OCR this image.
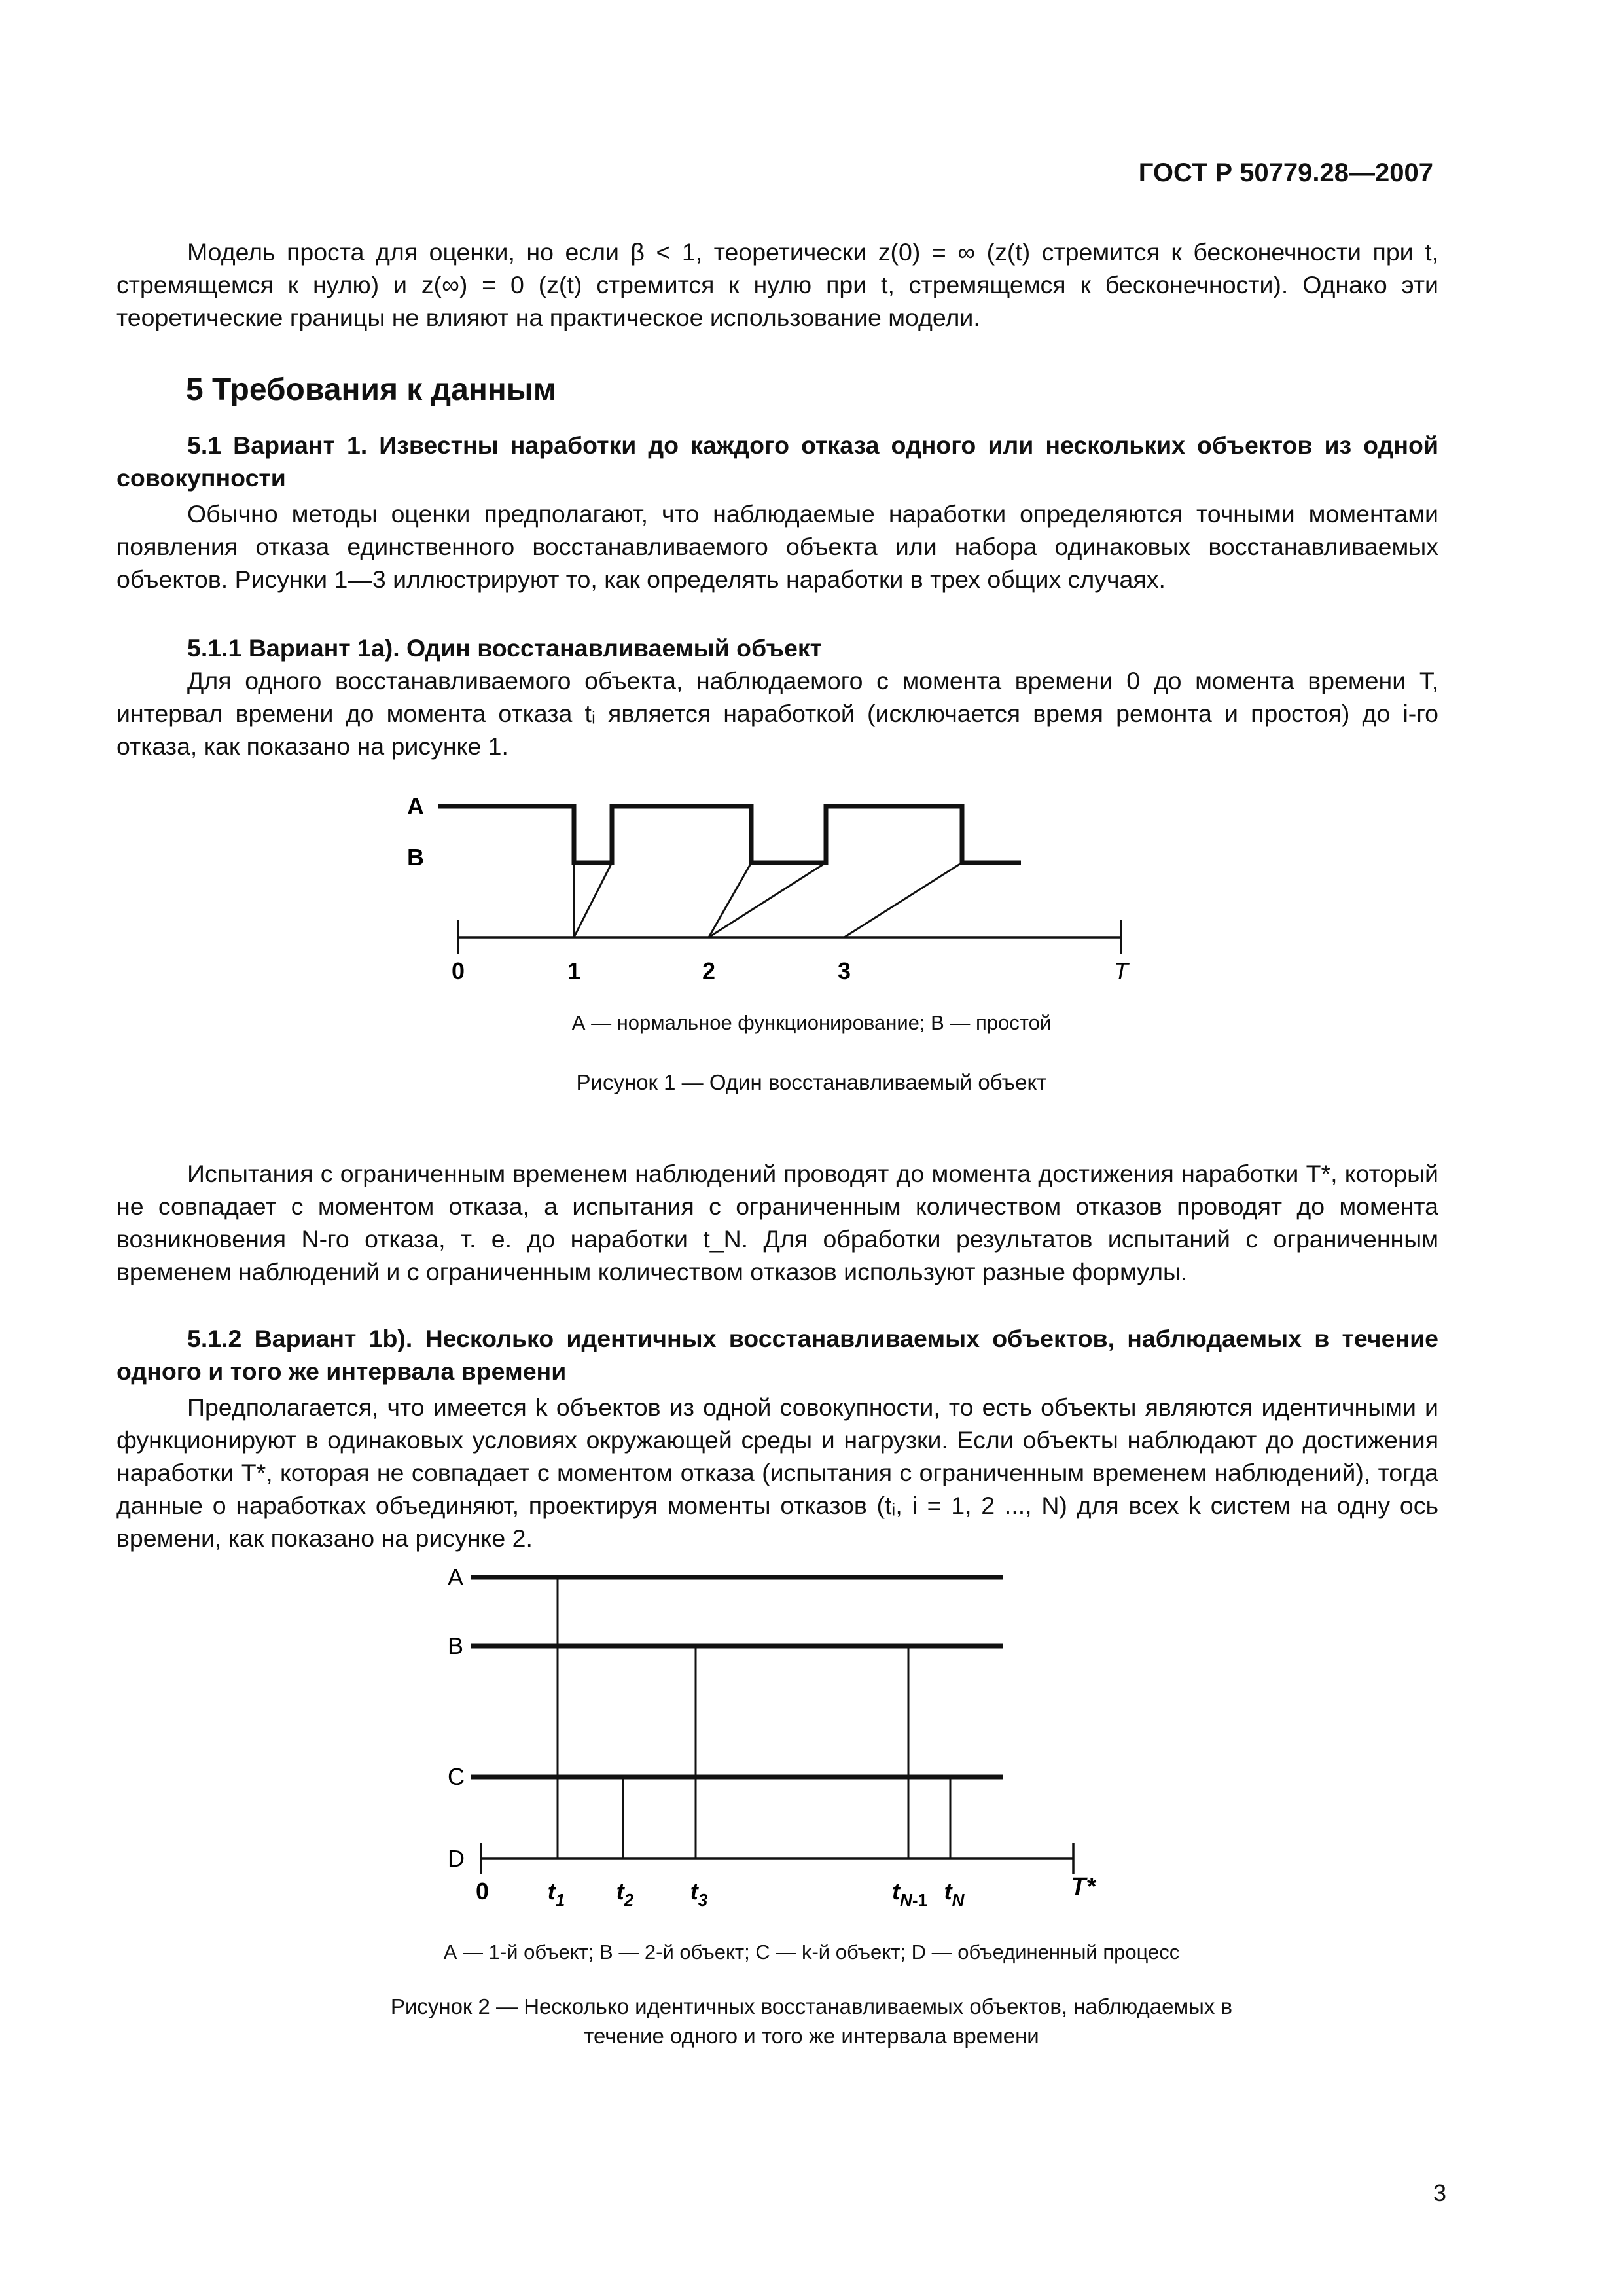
ГОСТ Р 50779.28—2007
Модель проста для оценки, но если β < 1, теоретически z(0) = ∞ (z(t) стремится к бесконечности при t, стремящемся к нулю) и z(∞) = 0 (z(t) стремится к нулю при t, стремящемся к бесконечности). Однако эти теоретические границы не влияют на практическое использование модели.
5 Требования к данным
5.1 Вариант 1. Известны наработки до каждого отказа одного или нескольких объектов из одной совокупности
Обычно методы оценки предполагают, что наблюдаемые наработки определяются точными моментами появления отказа единственного восстанавливаемого объекта или набора одинаковых восстанавливаемых объектов. Рисунки 1—3 иллюстрируют то, как определять наработки в трех общих случаях.
5.1.1 Вариант 1a). Один восстанавливаемый объект
Для одного восстанавливаемого объекта, наблюдаемого с момента времени 0 до момента времени T, интервал времени до момента отказа tᵢ является наработкой (исключается время ремонта и простоя) до i-го отказа, как показано на рисунке 1.
A
B
0	1	2	3	T
А — нормальное функционирование; В — простой
Рисунок 1 — Один восстанавливаемый объект
Испытания с ограниченным временем наблюдений проводят до момента достижения наработки T*, который не совпадает с моментом отказа, а испытания с ограниченным количеством отказов проводят до момента возникновения N-го отказа, т. е. до наработки t_N. Для обработки результатов испытаний с ограниченным временем наблюдений и с ограниченным количеством отказов используют разные формулы.
5.1.2 Вариант 1b). Несколько идентичных восстанавливаемых объектов, наблюдаемых в течение одного и того же интервала времени
Предполагается, что имеется k объектов из одной совокупности, то есть объекты являются идентичными и функционируют в одинаковых условиях окружающей среды и нагрузки. Если объекты наблюдают до достижения наработки T*, которая не совпадает с моментом отказа (испытания с ограниченным временем наблюдений), тогда данные о наработках объединяют, проектируя моменты отказов (tᵢ, i = 1, 2 ..., N) для всех k систем на одну ось времени, как показано на рисунке 2.
A
B
C
D
0 $t_1$ $t_2$ $t_3$	$t_N-1$ $t_N$	T*
А — 1-й объект; В — 2-й объект; С — k-й объект; D — объединенный процесс
Рисунок 2 — Несколько идентичных восстанавливаемых объектов, наблюдаемых в
течение одного и того же интервала времени
3
